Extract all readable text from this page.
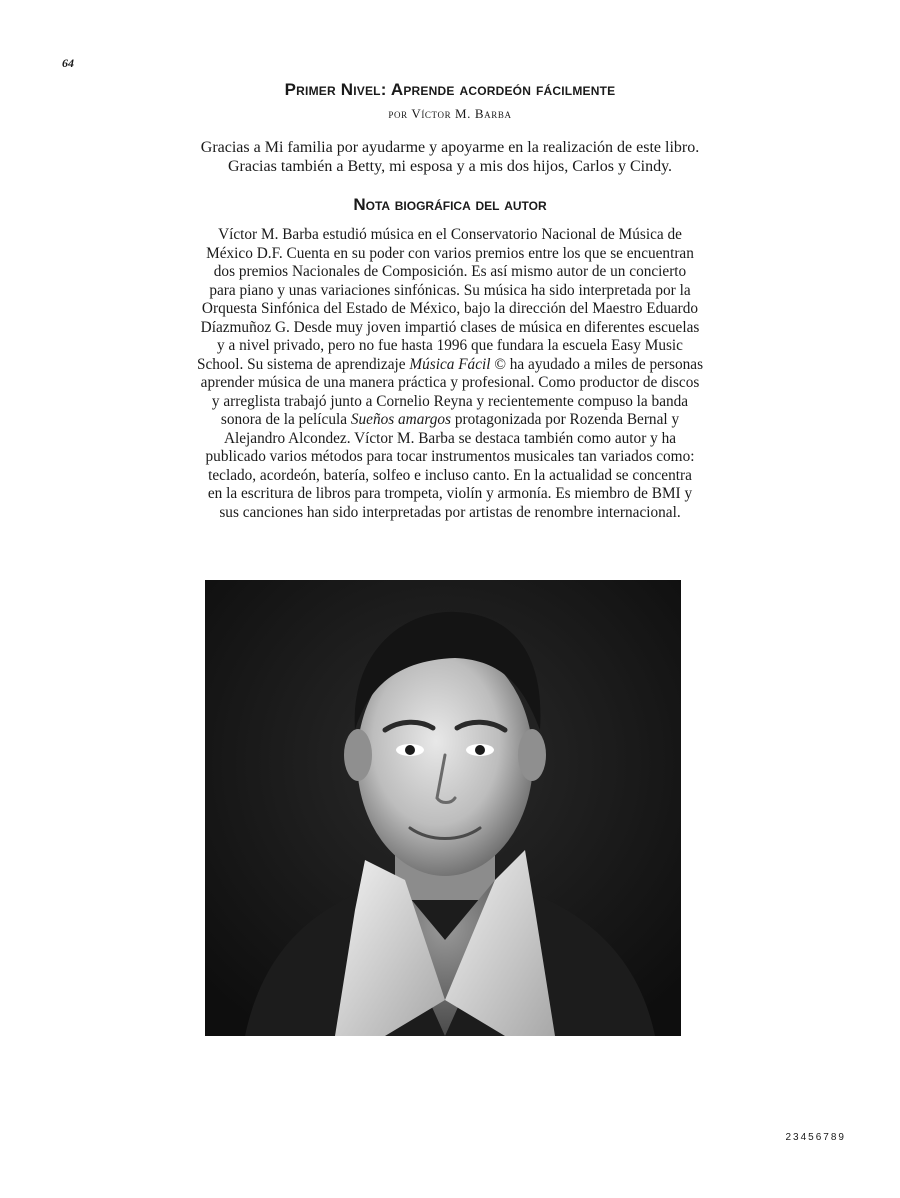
64
Primer Nivel: Aprende acordeón fácilmente

por Víctor M. Barba

Gracias a Mi familia por ayudarme y apoyarme en la realización de este libro.
Gracias también a Betty, mi esposa y a mis dos hijos, Carlos y Cindy.
Nota biográfica del autor
Víctor M. Barba estudió música en el Conservatorio Nacional de Música de
México D.F. Cuenta en su poder con varios premios entre los que se encuentran
dos premios Nacionales de Composición. Es así mismo autor de un concierto
para piano y unas variaciones sinfónicas. Su música ha sido interpretada por la
Orquesta Sinfónica del Estado de México, bajo la dirección del Maestro Eduardo
Díazmuñoz G. Desde muy joven impartió clases de música en diferentes escuelas
y a nivel privado, pero no fue hasta 1996 que fundara la escuela Easy Music
School. Su sistema de aprendizaje Música Fácil © ha ayudado a miles de personas
aprender música de una manera práctica y profesional. Como productor de discos
y arreglista trabajó junto a Cornelio Reyna y recientemente compuso la banda
sonora de la película Sueños amargos protagonizada por Rozenda Bernal y
Alejandro Alcondez. Víctor M. Barba se destaca también como autor y ha
publicado varios métodos para tocar instrumentos musicales tan variados como:
teclado, acordeón, batería, solfeo e incluso canto. En la actualidad se concentra
en la escritura de libros para trompeta, violín y armonía. Es miembro de BMI y
sus canciones han sido interpretadas por artistas de renombre internacional.
23456789
